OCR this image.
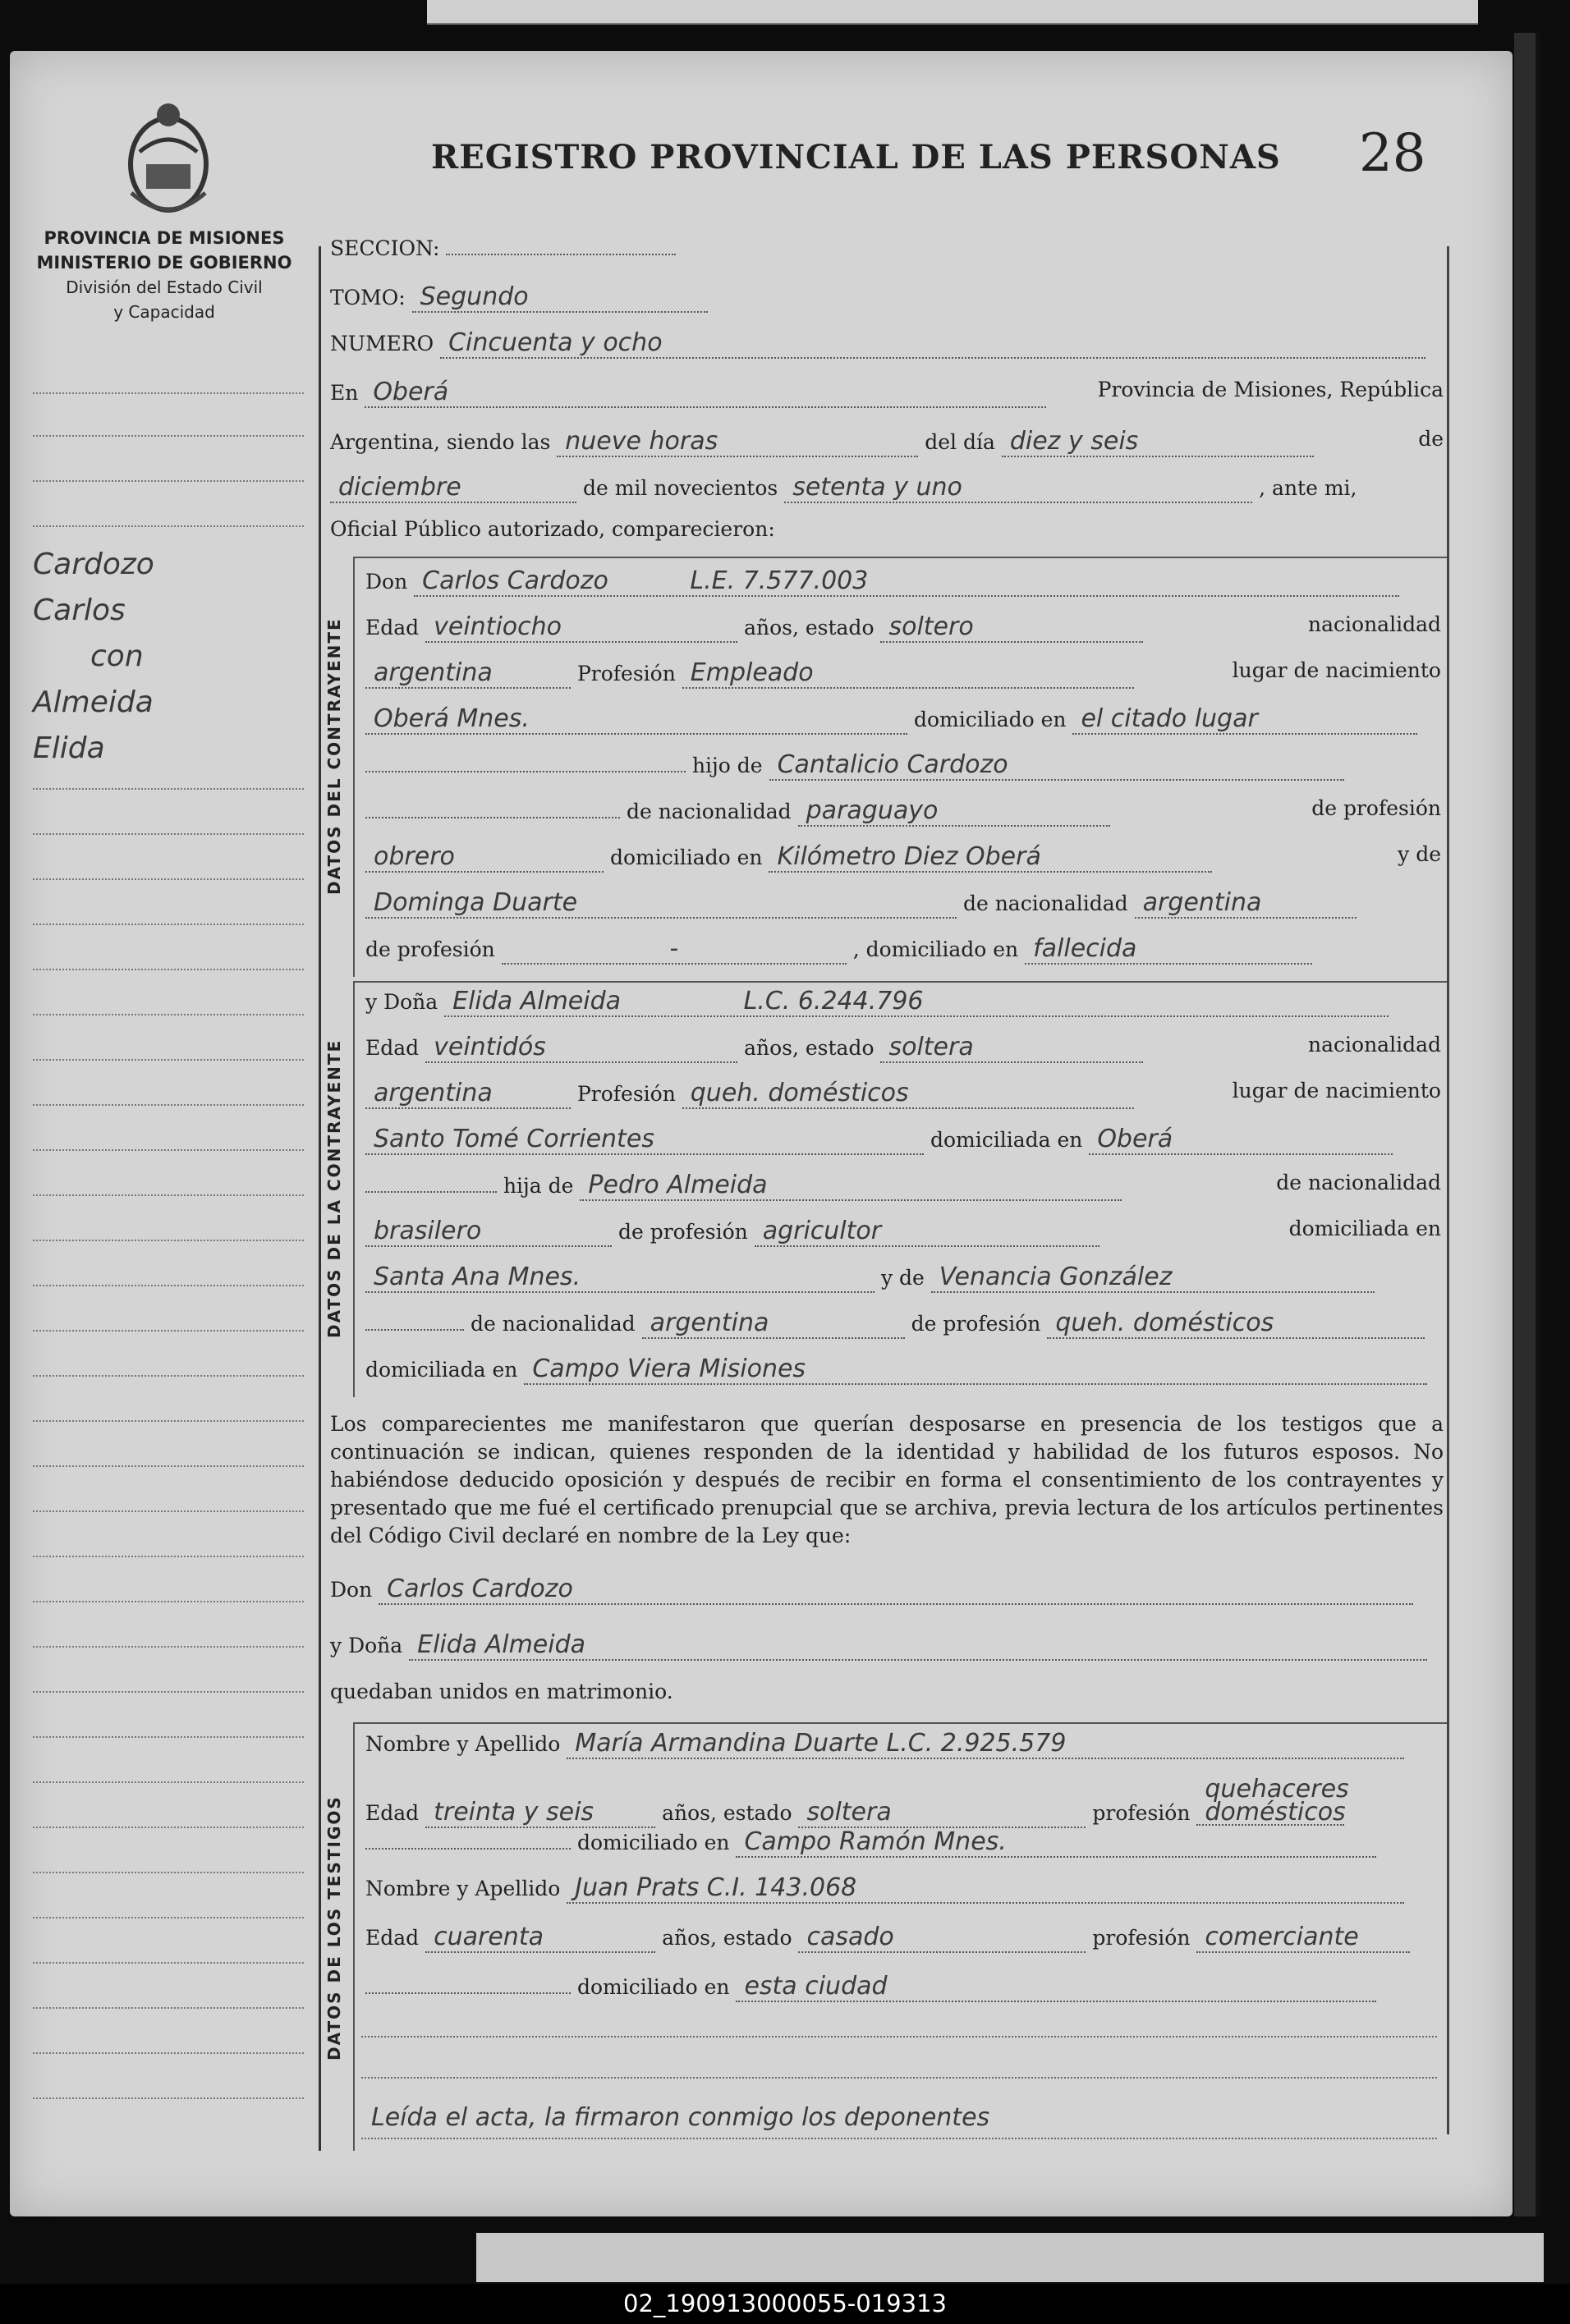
PROVINCIA DE MISIONES
MINISTERIO DE GOBIERNO
División del Estado Civil
y Capacidad
Cardozo
Carlos
con
Almeida
Elida
REGISTRO PROVINCIAL DE LAS PERSONAS 28
SECCION:
TOMO: Segundo
NUMERO Cincuenta y ocho
En Oberá	Provincia de Misiones, República
Argentina, siendo las nueve horas	del día diez y seis	de
diciembre	de mil novecientos setenta y uno	, ante mi,
Oficial Público autorizado, comparecieron:
DATOS DEL CONTRAYENTE
Don Carlos Cardozo	L.E. 7.577.003
Edad veintiocho	años, estado soltero	nacionalidad
argentina	Profesión Empleado	lugar de nacimiento
Oberá Mnes.	domiciliado en el citado lugar
hijo de Cantalicio Cardozo
de nacionalidad paraguayo	de profesión
obrero	domiciliado en Kilómetro Diez Oberá	y de
Dominga Duarte	de nacionalidad argentina
de profesión	-	, domiciliado en fallecida
DATOS DE LA CONTRAYENTE
y Doña Elida Almeida	L.C. 6.244.796
Edad veintidós	años, estado soltera	nacionalidad
argentina	Profesión queh. domésticos	lugar de nacimiento
Santo Tomé Corrientes	domiciliada en Oberá
hija de Pedro Almeida	de nacionalidad
brasilero	de profesión agricultor	domiciliada en
Santa Ana Mnes.	y de Venancia González
de nacionalidad argentina	de profesión queh. domésticos
domiciliada en Campo Viera Misiones
Los comparecientes me manifestaron que querían desposarse en presencia de los testigos que a continuación se indican, quienes responden de la identidad y habilidad de los futuros esposos. No habiéndose deducido oposición y después de recibir en forma el consentimiento de los contrayentes y presentado que me fué el certificado prenupcial que se archiva, previa lectura de los artículos pertinentes del Código Civil declaré en nombre de la Ley que:
Don Carlos Cardozo
y Doña Elida Almeida
quedaban unidos en matrimonio.
DATOS DE LOS TESTIGOS
Nombre y Apellido María Armandina Duarte L.C. 2.925.579
Edad treinta y seis	años, estado soltera	profesión quehaceres domésticos
domiciliado en Campo Ramón Mnes.
Nombre y Apellido Juan Prats C.I. 143.068
Edad cuarenta	años, estado casado	profesión comerciante
domiciliado en esta ciudad
Leída el acta, la firmaron conmigo los deponentes
02_190913000055-019313
